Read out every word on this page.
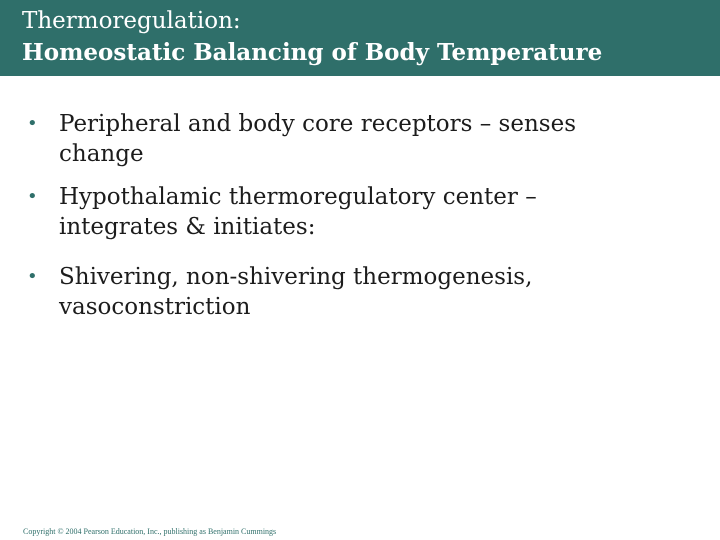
Thermoregulation:
Homeostatic Balancing of Body Temperature
• Peripheral and body core receptors – senses
change
• Hypothalamic thermoregulatory center –
integrates & initiates:
• Shivering, non-shivering thermogenesis,
vasoconstriction
Copyright © 2004 Pearson Education, Inc., publishing as Benjamin Cummings
